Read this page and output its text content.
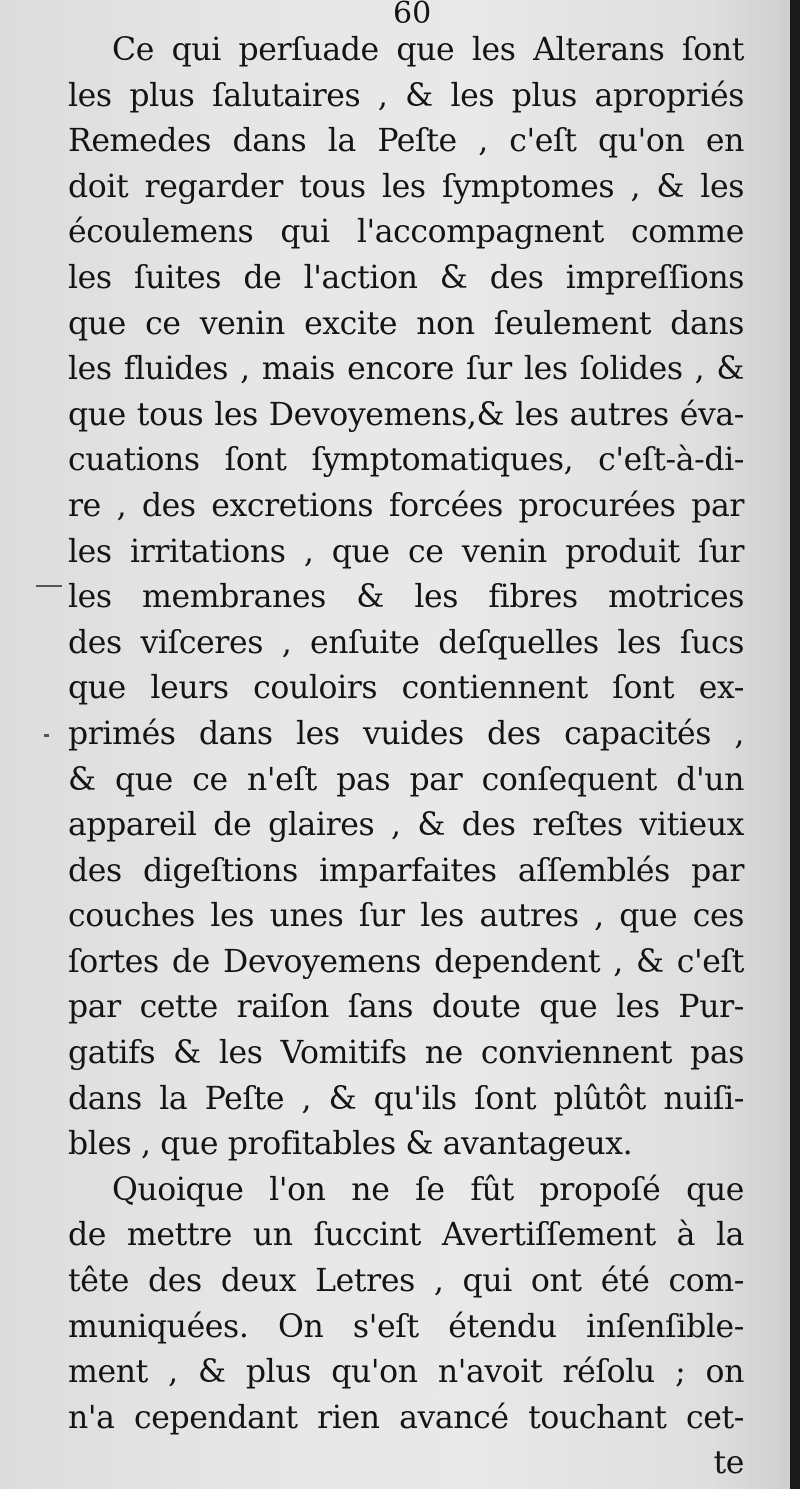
60
Ce qui perſuade que les Alterans ſont
les plus ſalutaires , & les plus apropriés
Remedes dans la Peſte , c'eſt qu'on en
doit regarder tous les ſymptomes , & les
écoulemens qui l'accompagnent comme
les ſuites de l'action & des impreſſions
que ce venin excite non ſeulement dans
les fluides , mais encore ſur les ſolides , &
que tous les Devoyemens,& les autres éva-
cuations ſont ſymptomatiques, c'eſt-à-di-
re , des excretions forcées procurées par
les irritations , que ce venin produit ſur
les membranes & les fibres motrices
des viſceres , enſuite deſquelles les ſucs
que leurs couloirs contiennent ſont ex-
primés dans les vuides des capacités ,
& que ce n'eſt pas par conſequent d'un
appareil de glaires , & des reſtes vitieux
des digeſtions imparfaites aſſemblés par
couches les unes ſur les autres , que ces
ſortes de Devoyemens dependent , & c'eſt
par cette raiſon ſans doute que les Pur-
gatifs & les Vomitifs ne conviennent pas
dans la Peſte , & qu'ils ſont plûtôt nuiſi-
bles , que profitables & avantageux.
Quoique l'on ne ſe fût propoſé que
de mettre un ſuccint Avertiſſement à la
tête des deux Letres , qui ont été com-
muniquées. On s'eſt étendu inſenſible-
ment , & plus qu'on n'avoit réſolu ; on
n'a cependant rien avancé touchant cet-
te
